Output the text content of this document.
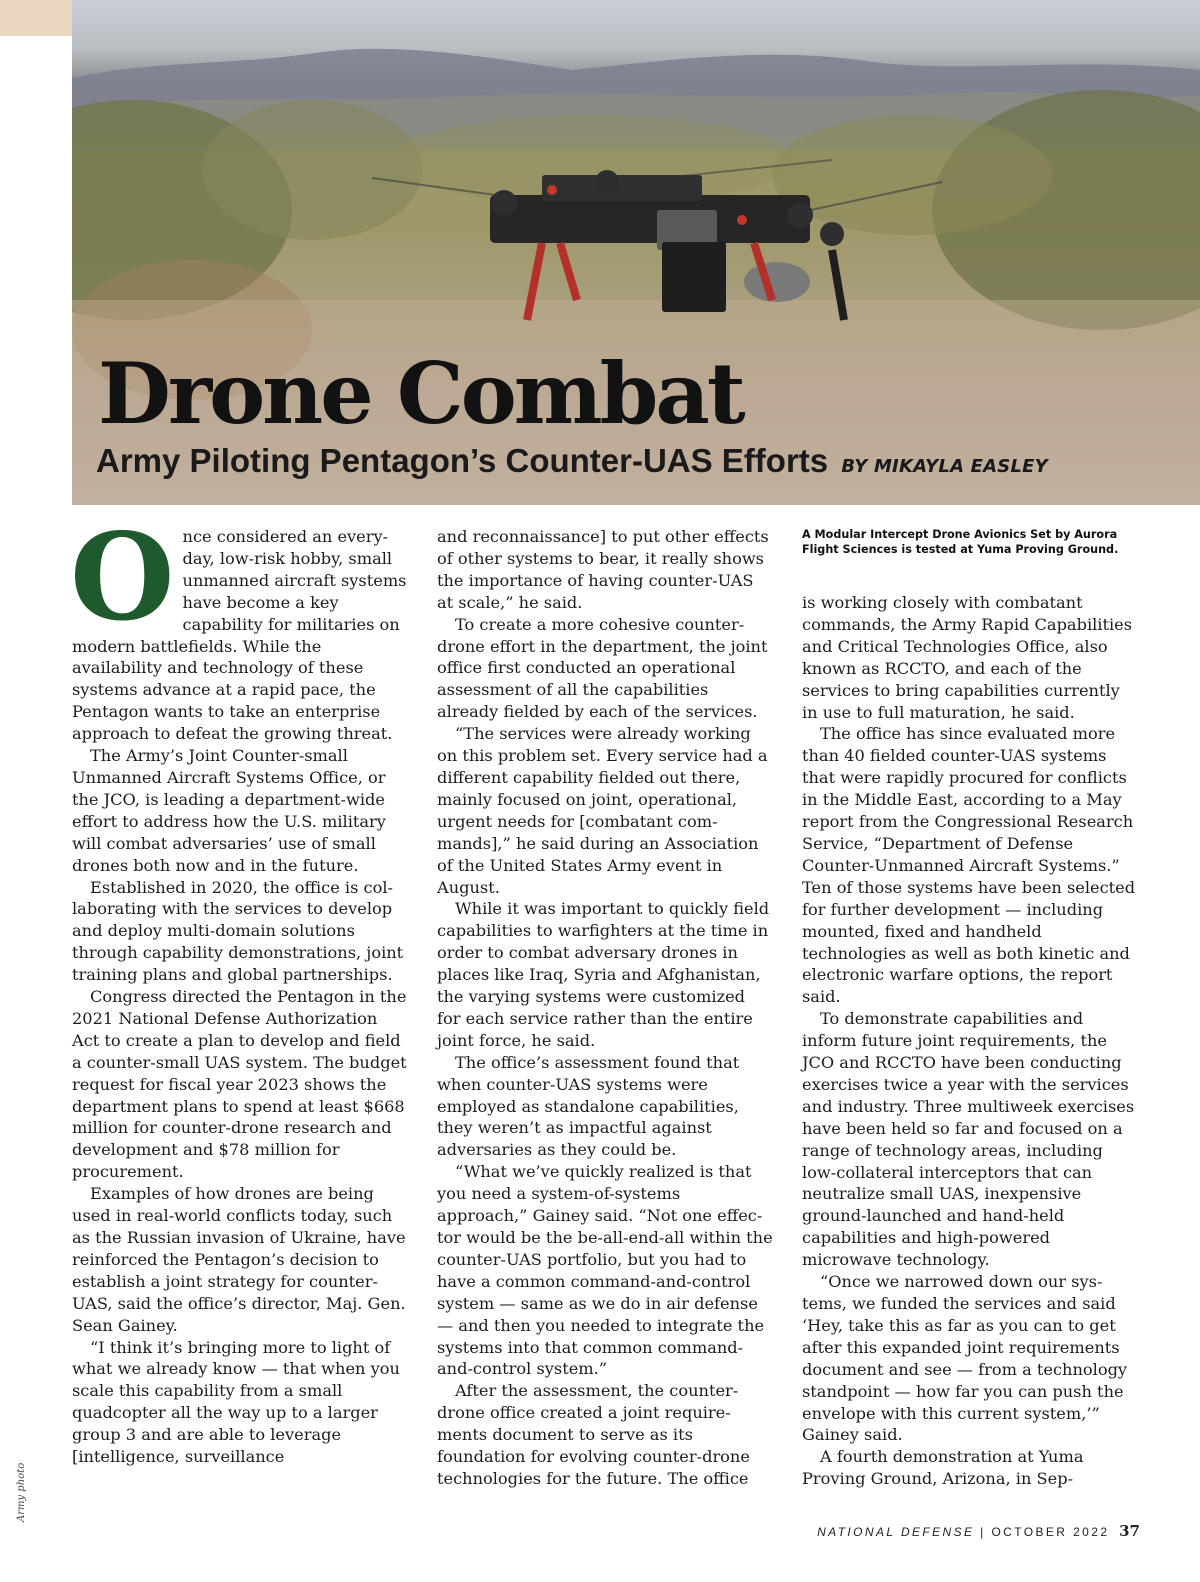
Drone Combat
Army Piloting Pentagon’s Counter-UAS Efforts BY MIKAYLA EASLEY

Once considered an everyday, low-risk hobby, small unmanned aircraft systems have become a key capability for militaries on modern battlefields. While the availability and technology of these systems advance at a rapid pace, the Pentagon wants to take an enterprise approach to defeat the growing threat.

The Army’s Joint Counter-small Unmanned Aircraft Systems Office, or the JCO, is leading a department-wide effort to address how the U.S. military will combat adversaries’ use of small drones both now and in the future.

Established in 2020, the office is collaborating with the services to develop and deploy multi-domain solutions through capability demonstrations, joint training plans and global partnerships.

Congress directed the Pentagon in the 2021 National Defense Authorization Act to create a plan to develop and field a counter-small UAS system. The budget request for fiscal year 2023 shows the department plans to spend at least $668 million for counter-drone research and development and $78 million for procurement.

Examples of how drones are being used in real-world conflicts today, such as the Russian invasion of Ukraine, have reinforced the Pentagon’s decision to establish a joint strategy for counter-UAS, said the office’s director, Maj. Gen. Sean Gainey.

“I think it’s bringing more to light of what we already know — that when you scale this capability from a small quadcopter all the way up to a larger group 3 and are able to leverage [intelligence, surveillance

and reconnaissance] to put other effects of other systems to bear, it really shows the importance of having counter-UAS at scale,” he said.

To create a more cohesive counter-drone effort in the department, the joint office first conducted an operational assessment of all the capabilities already fielded by each of the services.

“The services were already working on this problem set. Every service had a different capability fielded out there, mainly focused on joint, operational, urgent needs for [combatant commands],” he said during an Association of the United States Army event in August.

While it was important to quickly field capabilities to warfighters at the time in order to combat adversary drones in places like Iraq, Syria and Afghanistan, the varying systems were customized for each service rather than the entire joint force, he said.

The office’s assessment found that when counter-UAS systems were employed as standalone capabilities, they weren’t as impactful against adversaries as they could be.

“What we’ve quickly realized is that you need a system-of-systems approach,” Gainey said. “Not one effector would be the be-all-end-all within the counter-UAS portfolio, but you had to have a common command-and-control system — same as we do in air defense — and then you needed to integrate the systems into that common command-and-control system.”

After the assessment, the counter-drone office created a joint requirements document to serve as its foundation for evolving counter-drone technologies for the future. The office

A Modular Intercept Drone Avionics Set by Aurora Flight Sciences is tested at Yuma Proving Ground.

is working closely with combatant commands, the Army Rapid Capabilities and Critical Technologies Office, also known as RCCTO, and each of the services to bring capabilities currently in use to full maturation, he said.

The office has since evaluated more than 40 fielded counter-UAS systems that were rapidly procured for conflicts in the Middle East, according to a May report from the Congressional Research Service, “Department of Defense Counter-Unmanned Aircraft Systems.” Ten of those systems have been selected for further development — including mounted, fixed and handheld technologies as well as both kinetic and electronic warfare options, the report said.

To demonstrate capabilities and inform future joint requirements, the JCO and RCCTO have been conducting exercises twice a year with the services and industry. Three multiweek exercises have been held so far and focused on a range of technology areas, including low-collateral interceptors that can neutralize small UAS, inexpensive ground-launched and hand-held capabilities and high-powered microwave technology.

“Once we narrowed down our systems, we funded the services and said ‘Hey, take this as far as you can to get after this expanded joint requirements document and see — from a technology standpoint — how far you can push the envelope with this current system,’” Gainey said.

A fourth demonstration at Yuma Proving Ground, Arizona, in Sep-

Army photo
NATIONAL DEFENSE | OCTOBER 2022 37
